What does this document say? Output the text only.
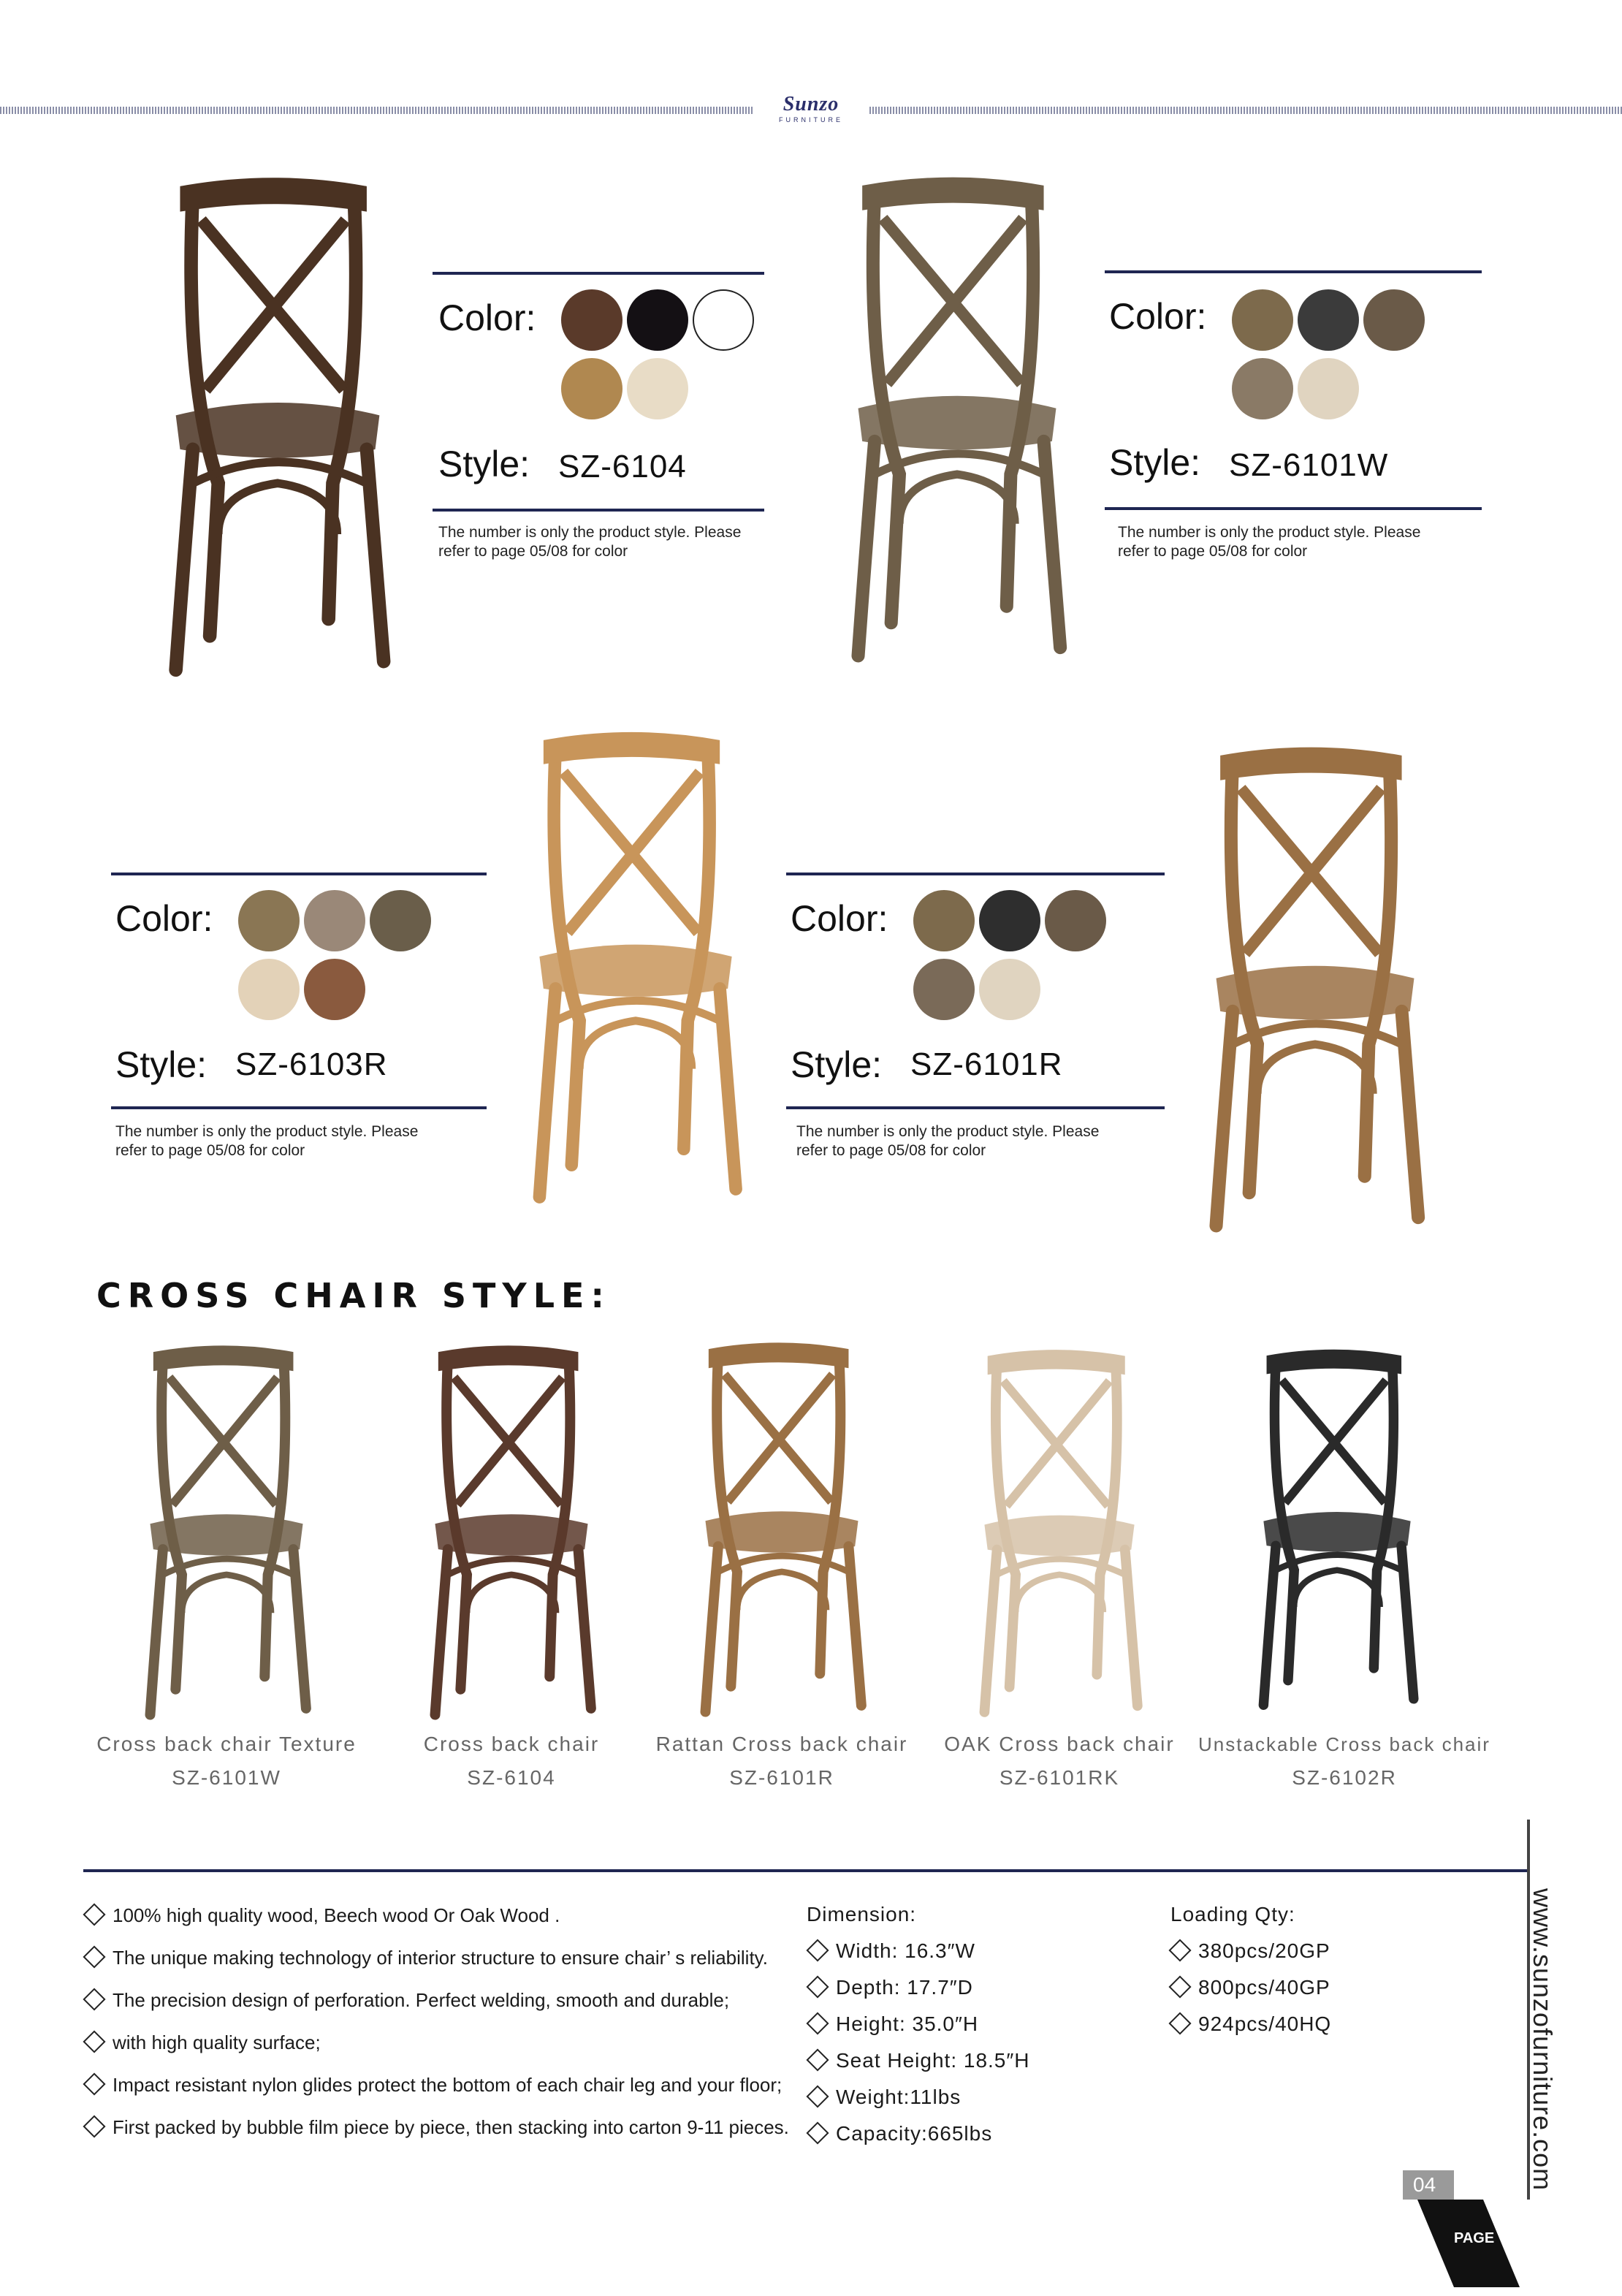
Sunzo
FURNITURE
Color:
Style: SZ-6104
The number is only the product style. Please
refer to page 05/08 for color
Color:
Style: SZ-6101W
The number is only the product style. Please
refer to page 05/08 for color
Color:
Style: SZ-6103R
The number is only the product style. Please
refer to page 05/08 for color
Color:
Style: SZ-6101R
The number is only the product style. Please
refer to page 05/08 for color
CROSS CHAIR STYLE:
Cross back chair Texture
SZ-6101W
Cross back chair
SZ-6104
Rattan Cross back chair
SZ-6101R
OAK Cross back chair
SZ-6101RK
Unstackable Cross back chair
SZ-6102R
100% high quality wood, Beech wood Or Oak Wood .
The unique making technology of interior structure to ensure chair’ s reliability.
The precision design of perforation. Perfect welding, smooth and durable;
with high quality surface;
Impact resistant nylon glides protect the bottom of each chair leg and your floor;
First packed by bubble film piece by piece, then stacking into carton 9-11 pieces.
Dimension:
Width: 16.3″W
Depth: 17.7″D
Height: 35.0″H
Seat Height: 18.5″H
Weight:11lbs
Capacity:665lbs
Loading Qty:
380pcs/20GP
800pcs/40GP
924pcs/40HQ	www.sunzofurniture.com
04
PAGE
